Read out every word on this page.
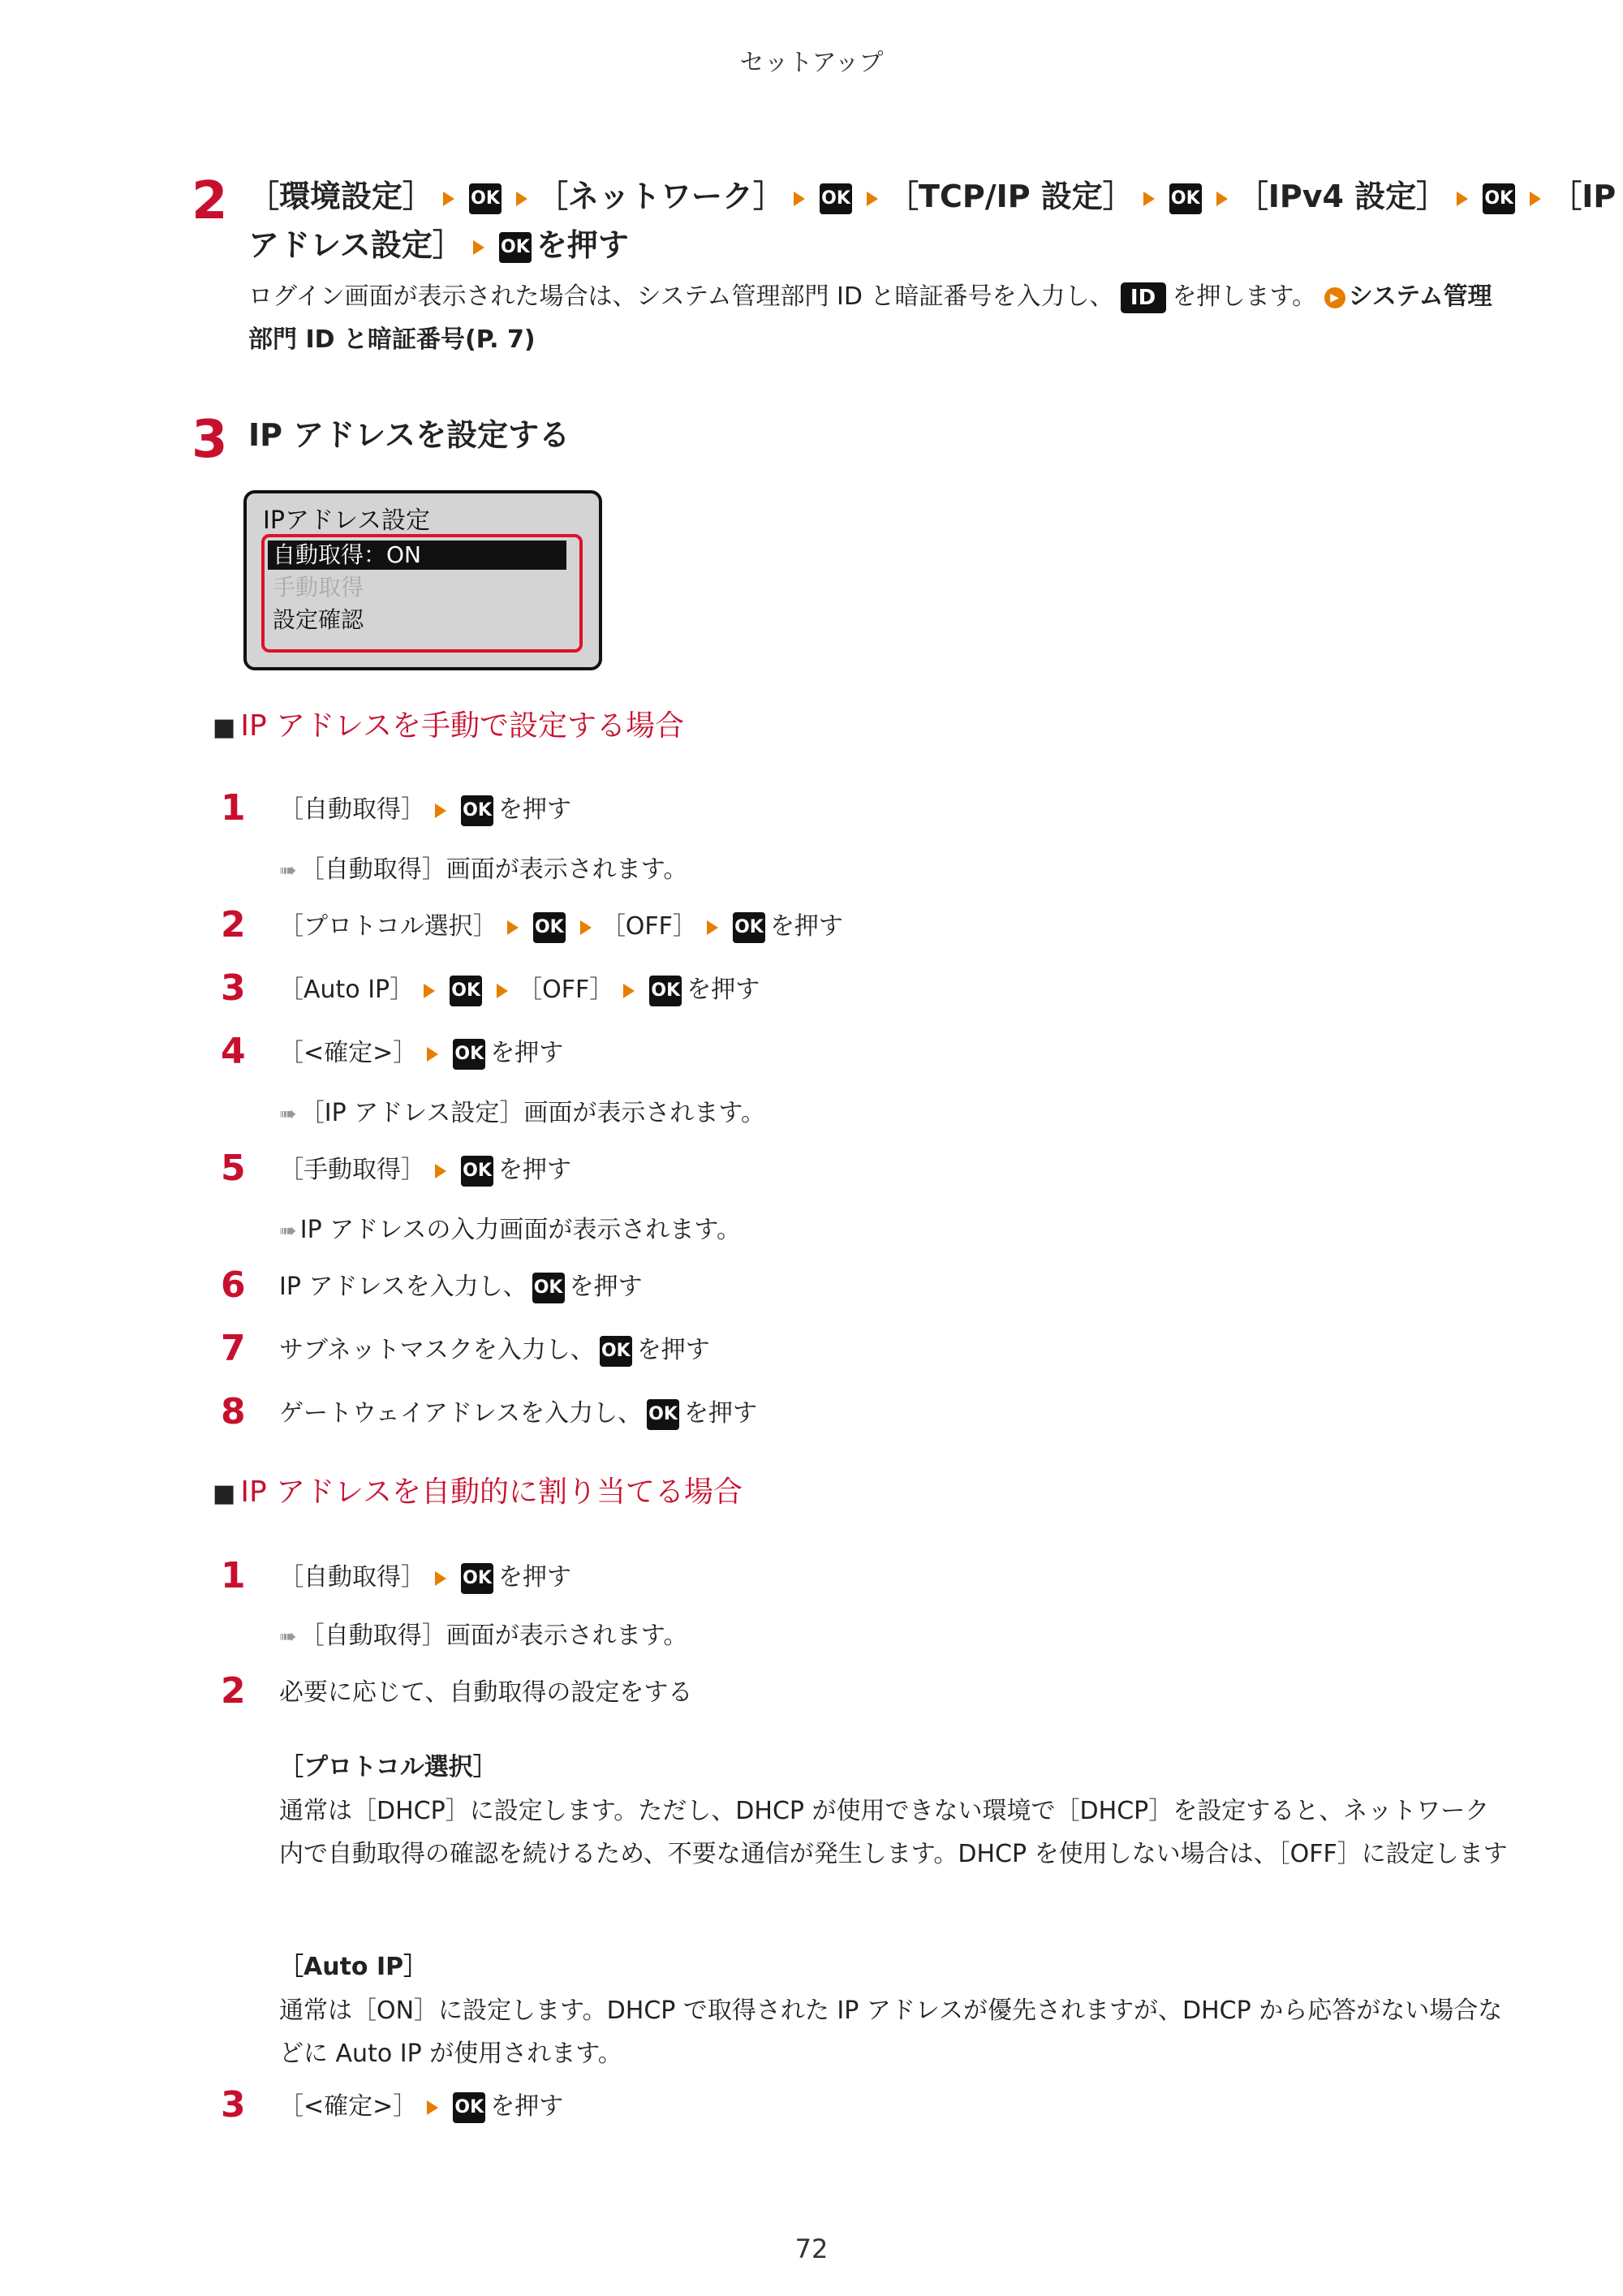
セットアップ
2 ［環境設定］ OK ［ネットワーク］ OK ［TCP/IP 設定］ OK ［IPv4 設定］ OK ［IP
アドレス設定］ OK を押す
ログイン画面が表示された場合は、システム管理部門 ID と暗証番号を入力し、 ID を押します。 ▶ システム管理
部門 ID と暗証番号(P. 7)
3 IP アドレスを設定する
IPアドレス設定
自動取得：ON
手動取得
設定確認
■ IP アドレスを手動で設定する場合
1 ［自動取得］ OK を押す
➠ ［自動取得］画面が表示されます。
2 ［プロトコル選択］ OK ［OFF］ OK を押す
3 ［Auto IP］ OK ［OFF］ OK を押す
4 ［<確定>］ OK を押す
➠ ［IP アドレス設定］画面が表示されます。
5 ［手動取得］ OK を押す
➠ IP アドレスの入力画面が表示されます。
6 IP アドレスを入力し、 OK を押す
7 サブネットマスクを入力し、 OK を押す
8 ゲートウェイアドレスを入力し、 OK を押す
■ IP アドレスを自動的に割り当てる場合
1 ［自動取得］ OK を押す
➠ ［自動取得］画面が表示されます。
2 必要に応じて、自動取得の設定をする
［プロトコル選択］
通常は［DHCP］に設定します。ただし、DHCP が使用できない環境で［DHCP］を設定すると、ネットワーク内で自動取得の確認を続けるため、不要な通信が発生します。DHCP を使用しない場合は、［OFF］に設定します
［Auto IP］
通常は［ON］に設定します。DHCP で取得された IP アドレスが優先されますが、DHCP から応答がない場合などに Auto IP が使用されます。
3 ［<確定>］ OK を押す
72
